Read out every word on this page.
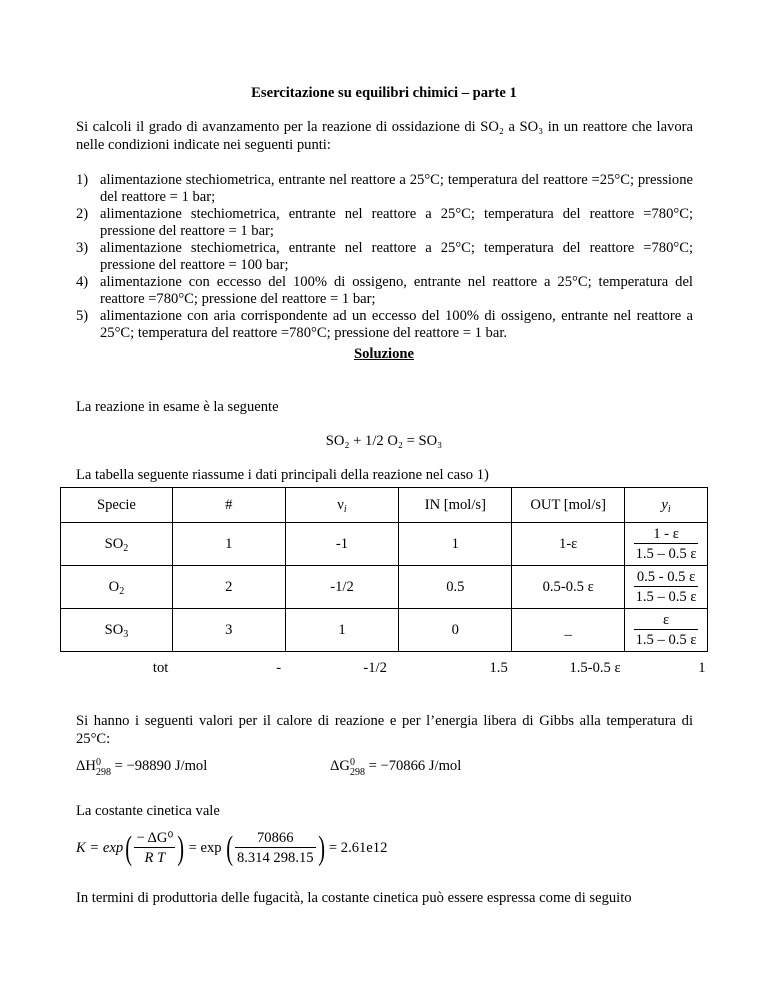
Esercitazione su equilibri chimici – parte 1
Si calcoli il grado di avanzamento per la reazione di ossidazione di SO₂ a SO₃ in un reattore che lavora nelle condizioni indicate nei seguenti punti:
1) alimentazione stechiometrica, entrante nel reattore a 25°C; temperatura del reattore =25°C; pressione del reattore = 1 bar;
2) alimentazione stechiometrica, entrante nel reattore a 25°C; temperatura del reattore =780°C; pressione del reattore = 1 bar;
3) alimentazione stechiometrica, entrante nel reattore a 25°C; temperatura del reattore =780°C; pressione del reattore = 100 bar;
4) alimentazione con eccesso del 100% di ossigeno, entrante nel reattore a 25°C; temperatura del reattore =780°C; pressione del reattore = 1 bar;
5) alimentazione con aria corrispondente ad un eccesso del 100% di ossigeno, entrante nel reattore a 25°C; temperatura del reattore =780°C; pressione del reattore = 1 bar.
Soluzione
La reazione in esame è la seguente
SO₂ + 1/2 O₂ = SO₃
La tabella seguente riassume i dati principali della reazione nel caso 1)
Specie	#	$\nu_i$	IN [mol/s]	OUT [mol/s]	$y_i$
$SO_2$	1	-1	1	1-ε	$\frac{1 - \varepsilon}{1.5 - 0.5 \varepsilon}$

$O_2$	2	-1/2	0.5	0.5-0.5 ε	$\frac{0.5 - 0.5 \varepsilon}{1.5 - 0.5 \varepsilon}$

$SO_3$	3	1	0	_	$\frac{\varepsilon}{1.5 - 0.5 \varepsilon}$

tot	-	-1/2	1.5	1.5-0.5 ε	1
Si hanno i seguenti valori per il calore di reazione e per l’energia libera di Gibbs alla temperatura di 25°C:
ΔH 0
298 = −98890 J/mol	ΔG 0
298 = −70866 J/mol
La costante cinetica vale
K = exp ( $\frac{\text{− ΔG⁰}}{\text{R T}}$ ) = exp ( $\frac{70866}{8.314 298.15}$ ) = 2.61e12
In termini di produttoria delle fugacità, la costante cinetica può essere espressa come di seguito
